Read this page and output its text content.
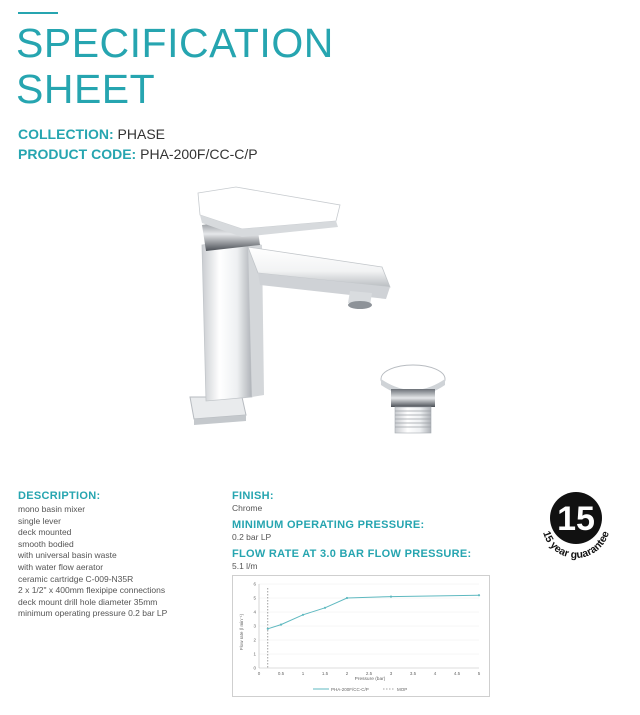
SPECIFICATION
SHEET
COLLECTION: PHASE
PRODUCT CODE: PHA-200F/CC-C/P
DESCRIPTION:
mono basin mixer
single lever
deck mounted
smooth bodied
with universal basin waste
with water flow aerator
ceramic cartridge C-009-N35R
2 x 1/2" x 400mm flexipipe connections
deck mount drill hole diameter 35mm
minimum operating pressure 0.2 bar LP
FINISH:
Chrome
MINIMUM OPERATING PRESSURE:
0.2 bar LP
FLOW RATE AT 3.0 BAR FLOW PRESSURE:
5.1 l/m
0
1
2
3
4
5
6
0	0.5	1	1.5	2	2.5	3	3.5	4	4.5	5
Flow rate (l min⁻¹)
Pressure (bar)
PHA-200F/CC-C/P	MOP
15
15 year guarantee
